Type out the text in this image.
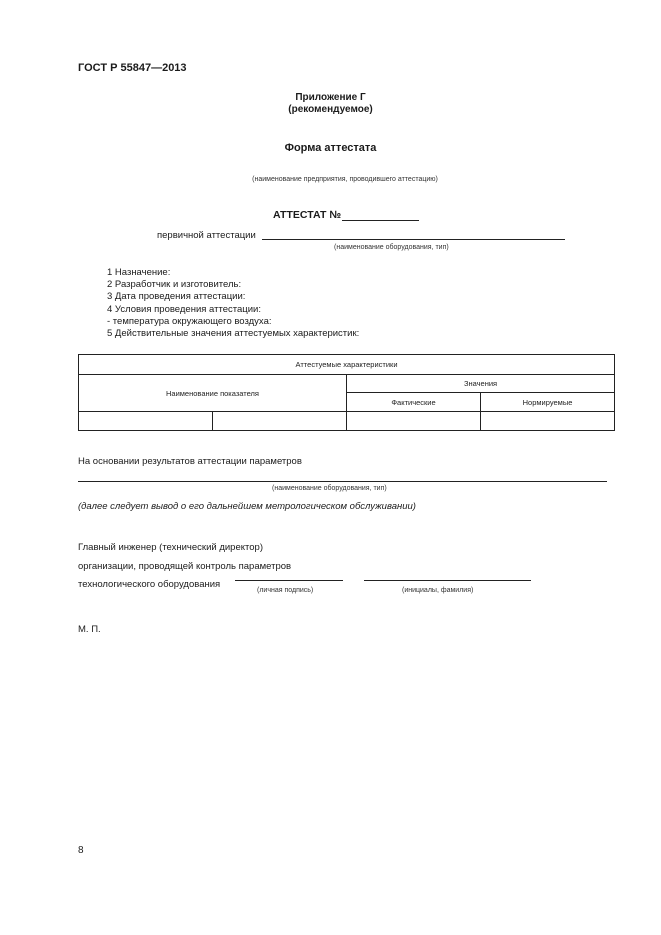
ГОСТ Р 55847—2013
Приложение Г
(рекомендуемое)
Форма аттестата
(наименование предприятия, проводившего аттестацию)
АТТЕСТАТ №
первичной аттестации
(наименование оборудования, тип)
1 Назначение:
2 Разработчик и изготовитель:
3 Дата проведения аттестации:
4 Условия проведения аттестации:
- температура окружающего воздуха:
5 Действительные значения аттестуемых характеристик:
Аттестуемые характеристики			
Наименование показателя		Значения	
		Фактические	Нормируемые

На основании результатов аттестации параметров
(наименование оборудования, тип)
(далее следует вывод о его дальнейшем метрологическом обслуживании)
Главный инженер (технический директор)
организации, проводящей контроль параметров
технологического оборудования
(личная подпись)	(инициалы, фамилия)
М. П.
8
